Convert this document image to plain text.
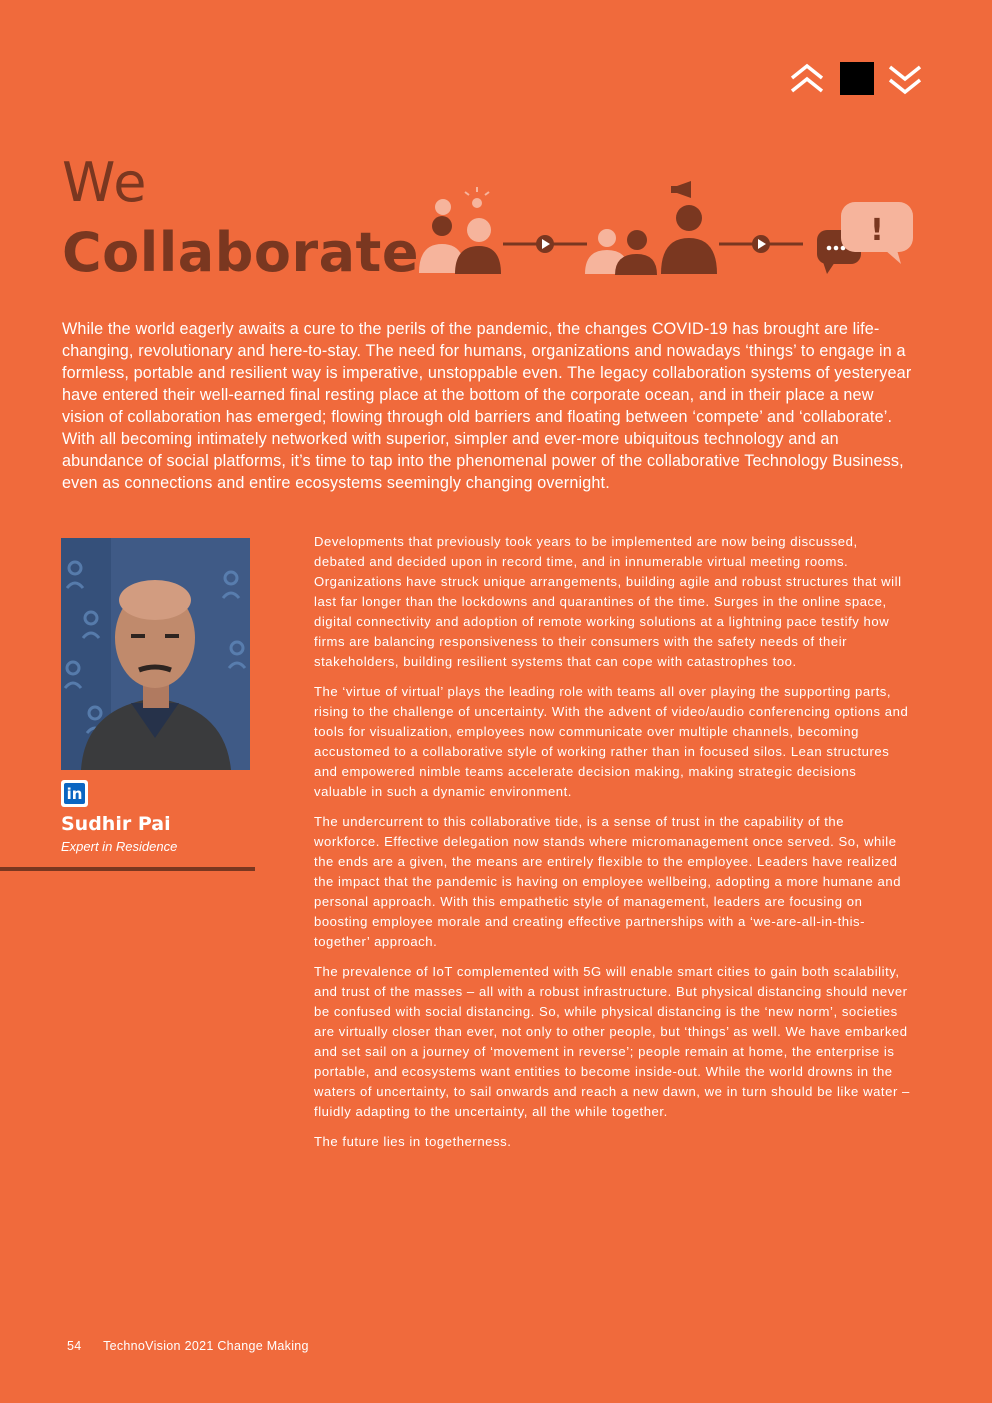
We
Collaborate	!
While the world eagerly awaits a cure to the perils of the pandemic, the changes COVID-19 has brought are life-changing, revolutionary and here-to-stay. The need for humans, organizations and nowadays ‘things’ to engage in a formless, portable and resilient way is imperative, unstoppable even. The legacy collaboration systems of yesteryear have entered their well-earned final resting place at the bottom of the corporate ocean, and in their place a new vision of collaboration has emerged; flowing through old barriers and floating between ‘compete’ and ‘collaborate’. With all becoming intimately networked with superior, simpler and ever-more ubiquitous technology and an abundance of social platforms, it’s time to tap into the phenomenal power of the collaborative Technology Business, even as connections and entire ecosystems seemingly changing overnight.
in
Sudhir Pai
Expert in Residence

Developments that previously took years to be implemented are now being discussed, debated and decided upon in record time, and in innumerable virtual meeting rooms. Organizations have struck unique arrangements, building agile and robust structures that will last far longer than the lockdowns and quarantines of the time. Surges in the online space, digital connectivity and adoption of remote working solutions at a lightning pace testify how firms are balancing responsiveness to their consumers with the safety needs of their stakeholders, building resilient systems that can cope with catastrophes too.

The ‘virtue of virtual’ plays the leading role with teams all over playing the supporting parts, rising to the challenge of uncertainty. With the advent of video/audio conferencing options and tools for visualization, employees now communicate over multiple channels, becoming accustomed to a collaborative style of working rather than in focused silos. Lean structures and empowered nimble teams accelerate decision making, making strategic decisions valuable in such a dynamic environment.

The undercurrent to this collaborative tide, is a sense of trust in the capability of the workforce. Effective delegation now stands where micromanagement once served. So, while the ends are a given, the means are entirely flexible to the employee. Leaders have realized the impact that the pandemic is having on employee wellbeing, adopting a more humane and personal approach. With this empathetic style of management, leaders are focusing on boosting employee morale and creating effective partnerships with a ‘we-are-all-in-this-together’ approach.

The prevalence of IoT complemented with 5G will enable smart cities to gain both scalability, and trust of the masses – all with a robust infrastructure. But physical distancing should never be confused with social distancing. So, while physical distancing is the ‘new norm’, societies are virtually closer than ever, not only to other people, but ‘things’ as well. We have embarked and set sail on a journey of ‘movement in reverse’; people remain at home, the enterprise is portable, and ecosystems want entities to become inside-out. While the world drowns in the waters of uncertainty, to sail onwards and reach a new dawn, we in turn should be like water – fluidly adapting to the uncertainty, all the while together.

The future lies in togetherness.

54 TechnoVision 2021 Change Making
